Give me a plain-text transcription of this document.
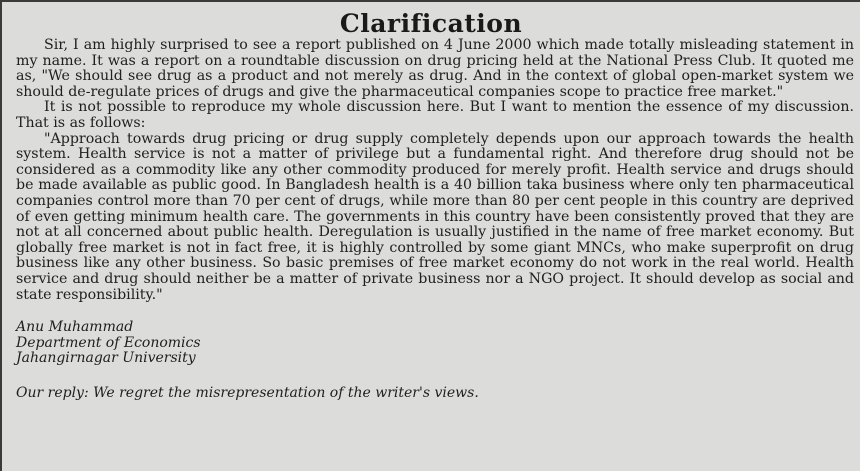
Clarification

Sir, I am highly surprised to see a report published on 4 June 2000 which made totally misleading statement in my name. It was a report on a roundtable discussion on drug pricing held at the National Press Club. It quoted me as, "We should see drug as a product and not merely as drug. And in the context of global open-market system we should de-regulate prices of drugs and give the pharmaceutical companies scope to practice free market."

It is not possible to reproduce my whole discussion here. But I want to mention the essence of my discussion. That is as follows:

"Approach towards drug pricing or drug supply completely depends upon our approach towards the health system. Health service is not a matter of privilege but a fundamental right. And therefore drug should not be considered as a commodity like any other commodity produced for merely profit. Health service and drugs should be made available as public good. In Bangladesh health is a 40 billion taka business where only ten pharmaceutical companies control more than 70 per cent of drugs, while more than 80 per cent people in this country are deprived of even getting minimum health care. The governments in this country have been consistently proved that they are not at all concerned about public health. Deregulation is usually justified in the name of free market economy. But globally free market is not in fact free, it is highly controlled by some giant MNCs, who make superprofit on drug business like any other business. So basic premises of free market economy do not work in the real world. Health service and drug should neither be a matter of private business nor a NGO project. It should develop as social and state responsibility."

Anu Muhammad
Department of Economics
Jahangirnagar University
Our reply: We regret the misrepresentation of the writer's views.
